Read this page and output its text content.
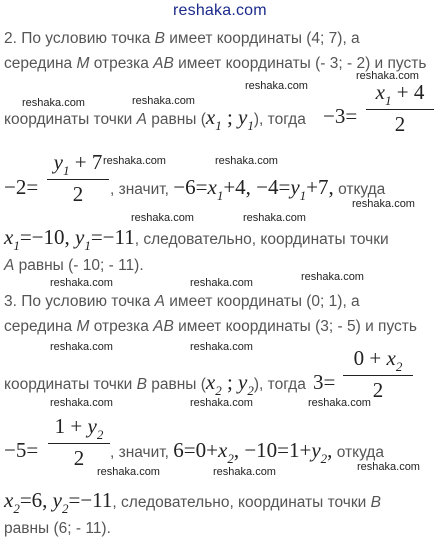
reshaka.com
2. По условию точка B имеет координаты (4; 7), а
середина M отрезка AB имеет координаты (- 3; - 2) и пусть
reshaka.com
reshaka.com
reshaka.com	reshaka.com
координаты точки A равны ($x_1$ ; $y_1$), тогда −3=
$x_1 + 4$
2
−2=
$y_1 + 7$
2
reshaka.com	reshaka.com
reshaka.com
, значит, $-6=x_1+4$, $-4=y_1+7$, откуда
reshaka.com	reshaka.com
$x_1=-10$, $y_1=-11$, следовательно, координаты точки
A равны (- 10; - 11).
reshaka.com
reshaka.com	reshaka.com
3. По условию точка A имеет координаты (0; 1), а
середина M отрезка AB имеет координаты (3; - 5) и пусть
reshaka.com	reshaka.com
координаты точки B равны ($x_2$ ; $y_2$), тогда 3=
$0 + x_2$
2
reshaka.com	reshaka.com	reshaka.com
−5=
$1 + y_2$
2	, значит, $6=0+x_2$, $-10=1+y_2$, откуда
reshaka.com	reshaka.com	reshaka.com
$x_2=6$, $y_2=-11$, следовательно, координаты точки B
равны (6; - 11).
